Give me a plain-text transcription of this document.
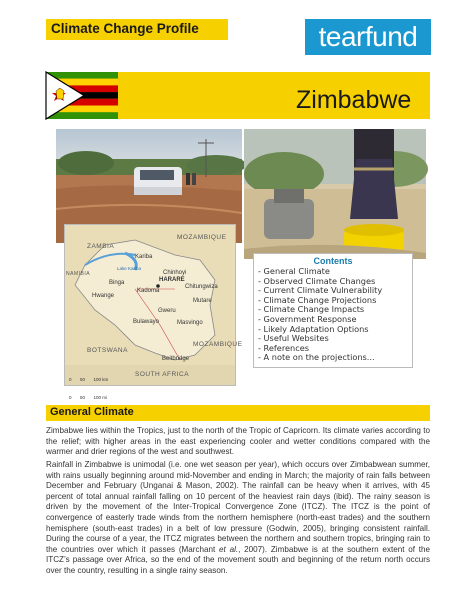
Climate Change Profile	tearfund
Zimbabwe
ZAMBIA
MOZAMBIQUE
BOTSWANA
SOUTH AFRICA
MOZAMBIQUE
NAMIBIA
Kariba
Chinhoyi
HARARE
Chitungwiza
Binga
Kadoma
Hwange
Gweru
Mutare
Bulawayo	Masvingo
Beitbridge
Lake Kariba
0 50 100 km
0 50 100 mi
Contents
- General Climate
- Observed Climate Changes
- Current Climate Vulnerability
- Climate Change Projections
- Climate Change Impacts
- Government Response
- Likely Adaptation Options
- Useful Websites
- References
- A note on the projections...
General Climate
Zimbabwe lies within the Tropics, just to the north of the Tropic of Capricorn. Its climate varies according to the relief; with higher areas in the east experiencing cooler and wetter conditions compared with the warmer and drier regions of the west and southwest.
Rainfall in Zimbabwe is unimodal (i.e. one wet season per year), which occurs over Zimbabwean summer, with rains usually beginning around mid-November and ending in March; the majority of rain falls between December and February (Unganai & Mason, 2002). The rainfall can be heavy when it arrives, with 45 percent of total annual rainfall falling on 10 percent of the heaviest rain days (ibid). The rainy season is driven by the movement of the Inter-Tropical Convergence Zone (ITCZ). The ITCZ is the point of convergence of easterly trade winds from the northern hemisphere (north-east trades) and the southern hemisphere (south-east trades) in a belt of low pressure (Godwin, 2005), bringing consistent rainfall. During the course of a year, the ITCZ migrates between the northern and southern tropics, bringing rain to the countries over which it passes (Marchant et al., 2007). Zimbabwe is at the southern extent of the ITCZ’s passage over Africa, so the end of the movement south and beginning of the return north occurs over the country, resulting in a single rainy season.
